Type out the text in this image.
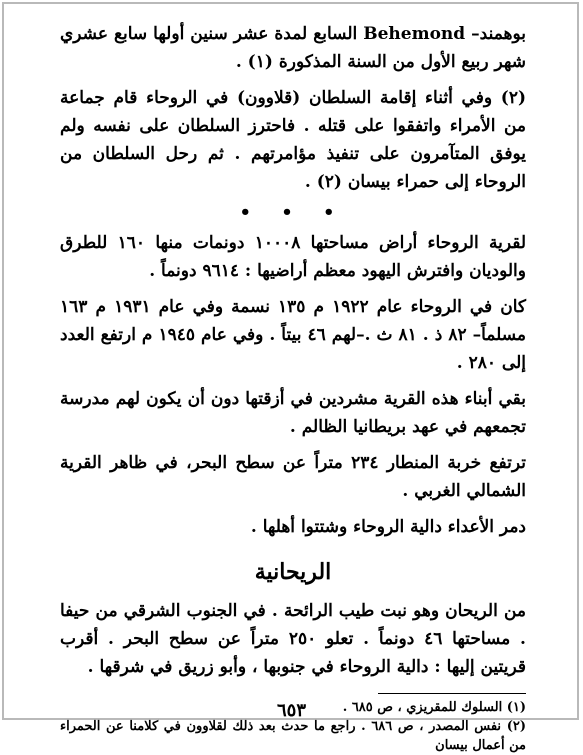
بوهمند– Behemond السابع لمدة عشر سنين أولها سابع عشري شهر ربيع الأول من السنة المذكورة (١) .

(٢) وفي أثناء إقامة السلطان (قلاوون) في الروحاء قام جماعة من الأمراء واتفقوا على قتله . فاحترز السلطان على نفسه ولم يوفق المتآمرون على تنفيذ مؤامرتهم . ثم رحل السلطان من الروحاء إلى حمراء بيسان (٢) .

• • •

لقرية الروحاء أراض مساحتها ١٠٠٠٨ دونمات منها ١٦٠ للطرق والوديان وافترش اليهود معظم أراضيها : ٩٦١٤ دونماً .

كان في الروحاء عام ١٩٢٢ م ١٣٥ نسمة وفي عام ١٩٣١ م ١٦٣ مسلماً– ٨٢ ذ . ٨١ ث .–لهم ٤٦ بيتاً . وفي عام ١٩٤٥ م ارتفع العدد إلى ٢٨٠ .

بقي أبناء هذه القرية مشردين في أزقتها دون أن يكون لهم مدرسة تجمعهم في عهد بريطانيا الظالم .

ترتفع خربة المنطار ٢٣٤ متراً عن سطح البحر، في ظاهر القرية الشمالي الغربي .

دمر الأعداء دالية الروحاء وشتتوا أهلها .

الريحانية

من الريحان وهو نبت طيب الرائحة . في الجنوب الشرقي من حيفا . مساحتها ٤٦ دونماً . تعلو ٢٥٠ متراً عن سطح البحر . أقرب قريتين إليها : دالية الروحاء في جنوبها ، وأبو زريق في شرقها .

(١) السلوك للمقريزي ، ص ٦٨٥ .

(٢) نفس المصدر ، ص ٦٨٦ . راجع ما حدث بعد ذلك لقلاوون في كلامنا عن الحمراء من أعمال بيسان

٦٥٣
